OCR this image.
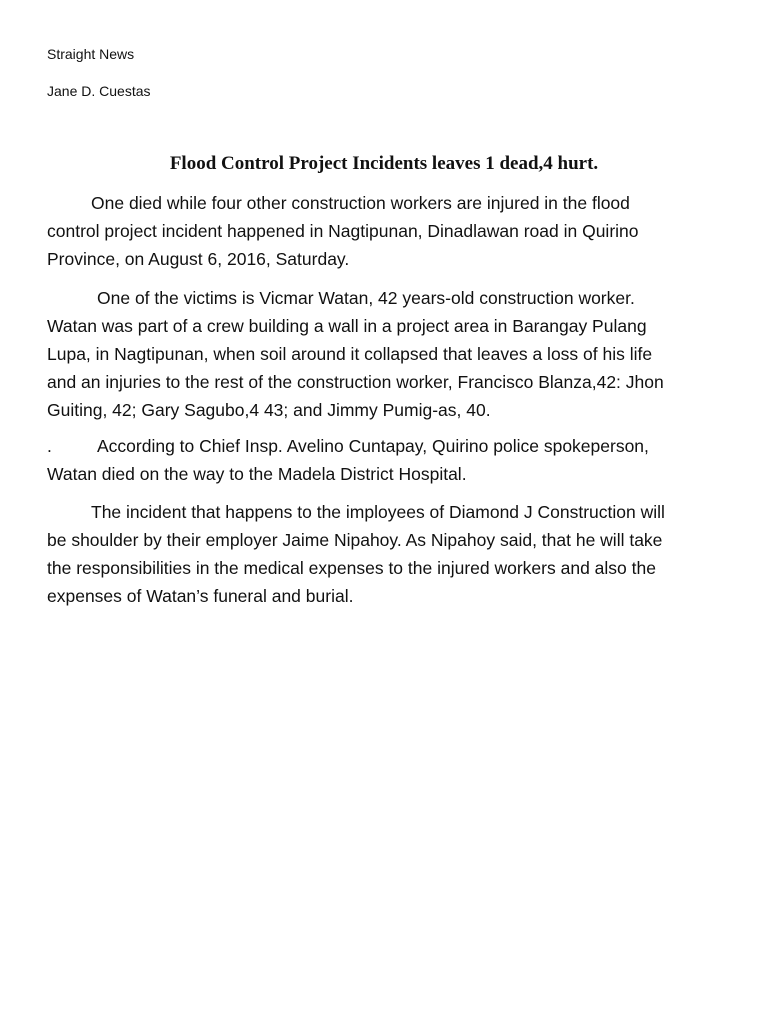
Straight News
Jane D. Cuestas
Flood Control Project Incidents leaves 1 dead,4 hurt.

One died while four other construction workers are injured in the flood
control project incident happened in Nagtipunan, Dinadlawan road in Quirino
Province, on August 6, 2016, Saturday.

One of the victims is Vicmar Watan, 42 years-old construction worker.
Watan was part of a crew building a wall in a project area in Barangay Pulang
Lupa, in Nagtipunan, when soil around it collapsed that leaves a loss of his life
and an injuries to the rest of the construction worker, Francisco Blanza,42: Jhon
Guiting, 42; Gary Sagubo,4 43; and Jimmy Pumig-as, 40.

.	According to Chief Insp. Avelino Cuntapay, Quirino police spokeperson,
Watan died on the way to the Madela District Hospital.

The incident that happens to the imployees of Diamond J Construction will
be shoulder by their employer Jaime Nipahoy. As Nipahoy said, that he will take
the responsibilities in the medical expenses to the injured workers and also the
expenses of Watan’s funeral and burial.
